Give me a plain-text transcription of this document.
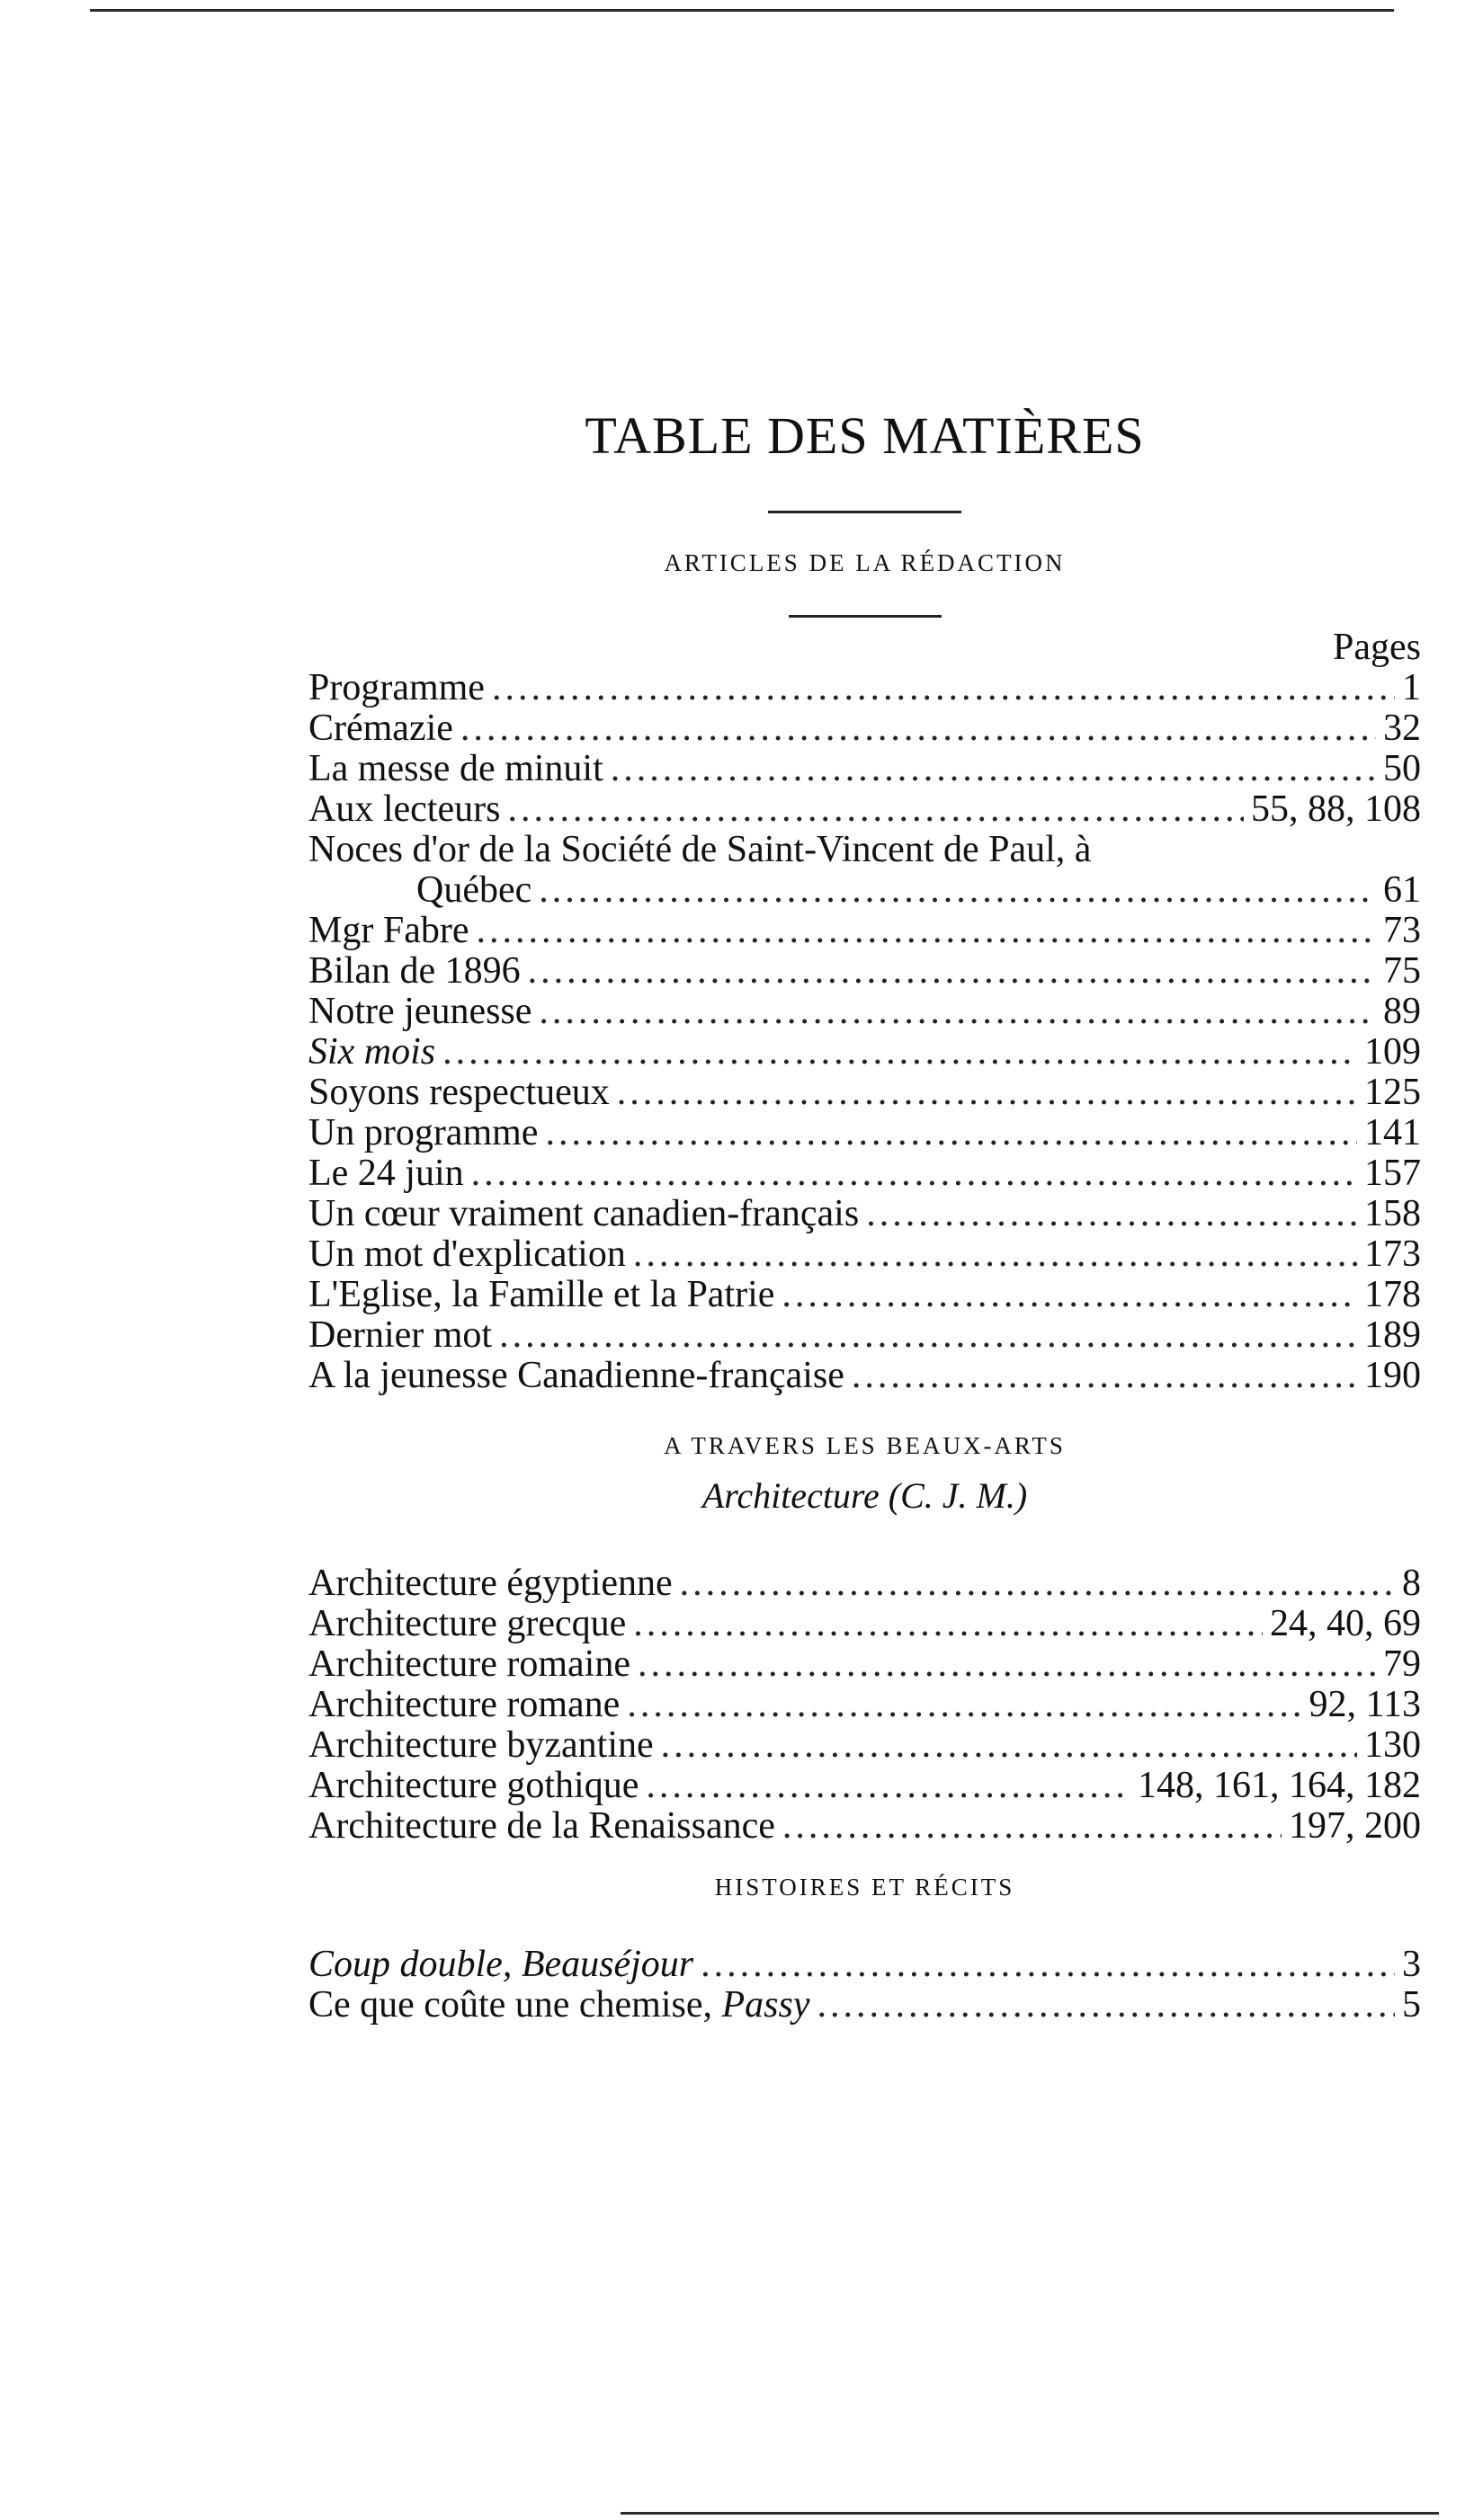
TABLE DES MATIÈRES
ARTICLES DE LA RÉDACTION

Pages

Programme .....	1
Crémazie .....	32
La messe de minuit .....	50
Aux lecteurs .....	55, 88, 108
Noces d'or de la Société de Saint-Vincent de Paul, à
Québec .....	61
Mgr Fabre .....	73
Bilan de 1896 .....	75
Notre jeunesse .....	89
Six mois .....	109
Soyons respectueux .....	125
Un programme .....	141
Le 24 juin .....	157
Un cœur vraiment canadien-français .....	158
Un mot d'explication .....	173
L'Eglise, la Famille et la Patrie .....	178
Dernier mot .....	189
A la jeunesse Canadienne-française .....	190
A TRAVERS LES BEAUX-ARTS

Architecture (C. J. M.)

Architecture égyptienne .....	8
Architecture grecque .....	24, 40, 69
Architecture romaine .....	79
Architecture romane .....	92, 113
Architecture byzantine .....	130
Architecture gothique .....	148, 161, 164, 182
Architecture de la Renaissance .....	197, 200
HISTOIRES ET RÉCITS
Coup double, Beauséjour .....	3
Ce que coûte une chemise, Passy .....	5
